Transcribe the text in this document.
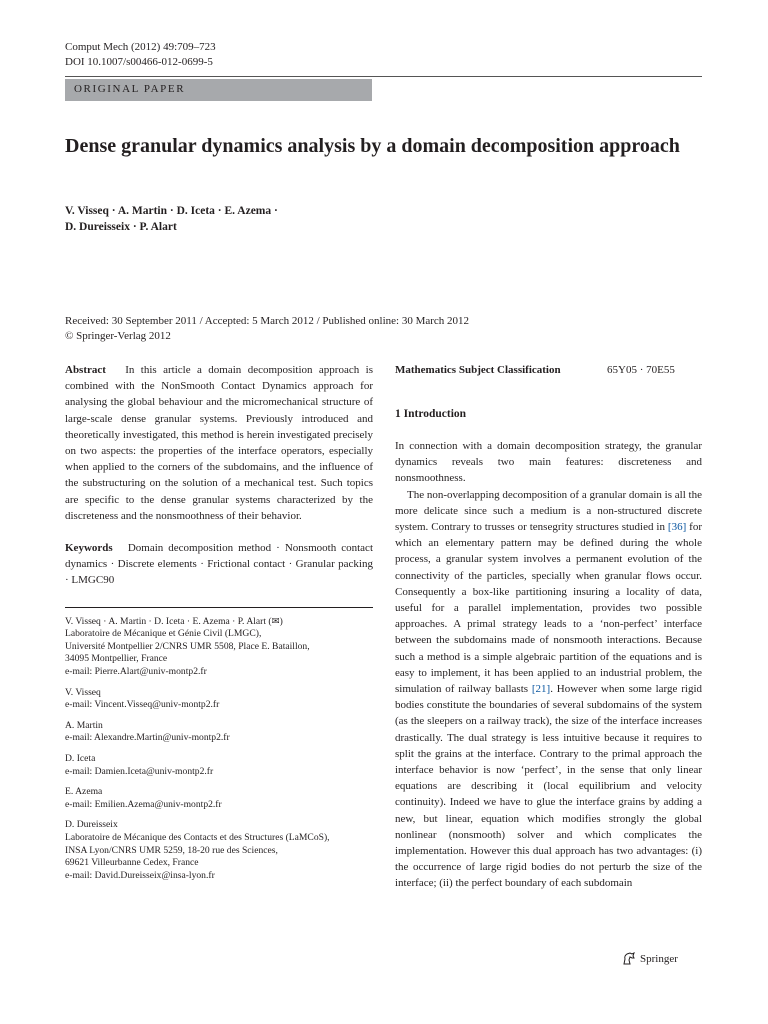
Comput Mech (2012) 49:709–723
DOI 10.1007/s00466-012-0699-5
ORIGINAL PAPER
Dense granular dynamics analysis by a domain decomposition approach
V. Visseq · A. Martin · D. Iceta · E. Azema ·
D. Dureisseix · P. Alart
Received: 30 September 2011 / Accepted: 5 March 2012 / Published online: 30 March 2012
© Springer-Verlag 2012

Abstract In this article a domain decomposition approach is combined with the NonSmooth Contact Dynamics approach for analysing the global behaviour and the micromechanical structure of large-scale dense granular systems. Previously introduced and theoretically investigated, this method is herein investigated precisely on two aspects: the properties of the interface operators, especially when applied to the corners of the subdomains, and the influence of the substructuring on the solution of a mechanical test. Such topics are specific to the dense granular systems characterized by the discreteness and the nonsmoothness of their behavior.

Keywords Domain decomposition method · Nonsmooth contact dynamics · Discrete elements · Frictional contact · Granular packing · LMGC90

V. Visseq · A. Martin · D. Iceta · E. Azema · P. Alart (✉)
Laboratoire de Mécanique et Génie Civil (LMGC),
Université Montpellier 2/CNRS UMR 5508, Place E. Bataillon,
34095 Montpellier, France
e-mail: Pierre.Alart@univ-montp2.fr
V. Visseq
e-mail: Vincent.Visseq@univ-montp2.fr
A. Martin
e-mail: Alexandre.Martin@univ-montp2.fr
D. Iceta
e-mail: Damien.Iceta@univ-montp2.fr
E. Azema
e-mail: Emilien.Azema@univ-montp2.fr
D. Dureisseix
Laboratoire de Mécanique des Contacts et des Structures (LaMCoS),
INSA Lyon/CNRS UMR 5259, 18-20 rue des Sciences,
69621 Villeurbanne Cedex, France
e-mail: David.Dureisseix@insa-lyon.fr
Mathematics Subject Classification	65Y05 · 70E55
1 Introduction

In connection with a domain decomposition strategy, the granular dynamics reveals two main features: discreteness and nonsmoothness.

The non-overlapping decomposition of a granular domain is all the more delicate since such a medium is a non-structured discrete system. Contrary to trusses or tensegrity structures studied in [36] for which an elementary pattern may be defined during the whole process, a granular system involves a permanent evolution of the connectivity of the particles, specially when granular flows occur. Consequently a box-like partitioning insuring a locality of data, useful for a parallel implementation, provides two possible approaches. A primal strategy leads to a ‘non-perfect’ interface between the subdomains made of nonsmooth interactions. Because such a method is a simple algebraic partition of the equations and is easy to implement, it has been applied to an industrial problem, the simulation of railway ballasts [21]. However when some large rigid bodies constitute the boundaries of several subdomains of the system (as the sleepers on a railway track), the size of the interface increases drastically. The dual strategy is less intuitive because it requires to split the grains at the interface. Contrary to the primal approach the interface behavior is now ‘perfect’, in the sense that only linear equations are describing it (local equilibrium and velocity continuity). Indeed we have to glue the interface grains by adding a new, but linear, equation which modifies strongly the global nonlinear (nonsmooth) solver and which complicates the implementation. However this dual approach has two advantages: (i) the occurrence of large rigid bodies do not perturb the size of the interface; (ii) the perfect boundary of each subdomain

Springer
